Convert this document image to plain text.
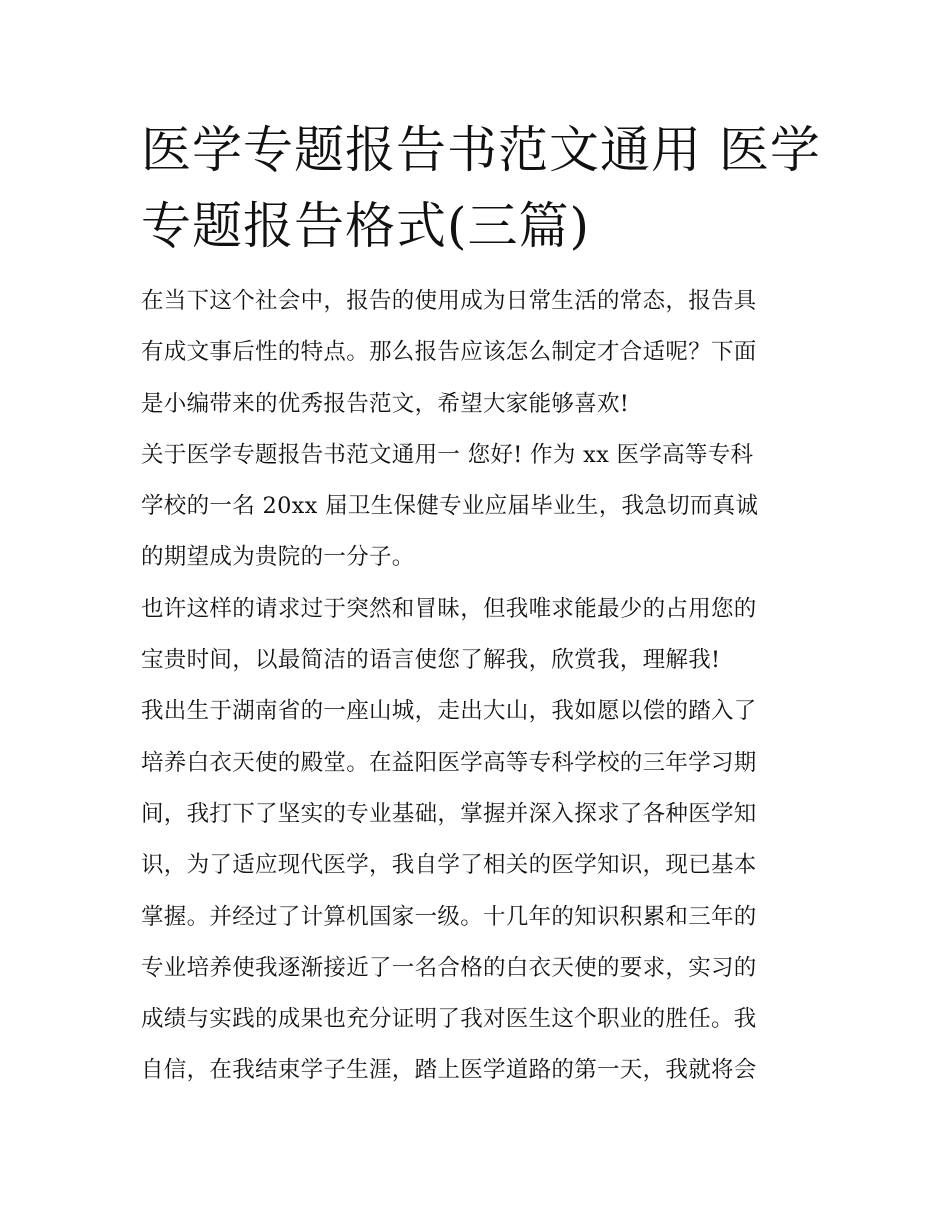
医学专题报告书范文通用 医学
专题报告格式(三篇)

在当下这个社会中，报告的使用成为日常生活的常态，报告具
有成文事后性的特点。那么报告应该怎么制定才合适呢？下面
是小编带来的优秀报告范文，希望大家能够喜欢!

关于医学专题报告书范文通用一 您好! 作为 xx 医学高等专科
学校的一名 20xx 届卫生保健专业应届毕业生，我急切而真诚
的期望成为贵院的一分子。

也许这样的请求过于突然和冒昧，但我唯求能最少的占用您的
宝贵时间，以最简洁的语言使您了解我，欣赏我，理解我!

我出生于湖南省的一座山城，走出大山，我如愿以偿的踏入了
培养白衣天使的殿堂。在益阳医学高等专科学校的三年学习期
间，我打下了坚实的专业基础，掌握并深入探求了各种医学知
识，为了适应现代医学，我自学了相关的医学知识，现已基本
掌握。并经过了计算机国家一级。十几年的知识积累和三年的
专业培养使我逐渐接近了一名合格的白衣天使的要求，实习的
成绩与实践的成果也充分证明了我对医生这个职业的胜任。我
自信，在我结束学子生涯，踏上医学道路的第一天，我就将会
